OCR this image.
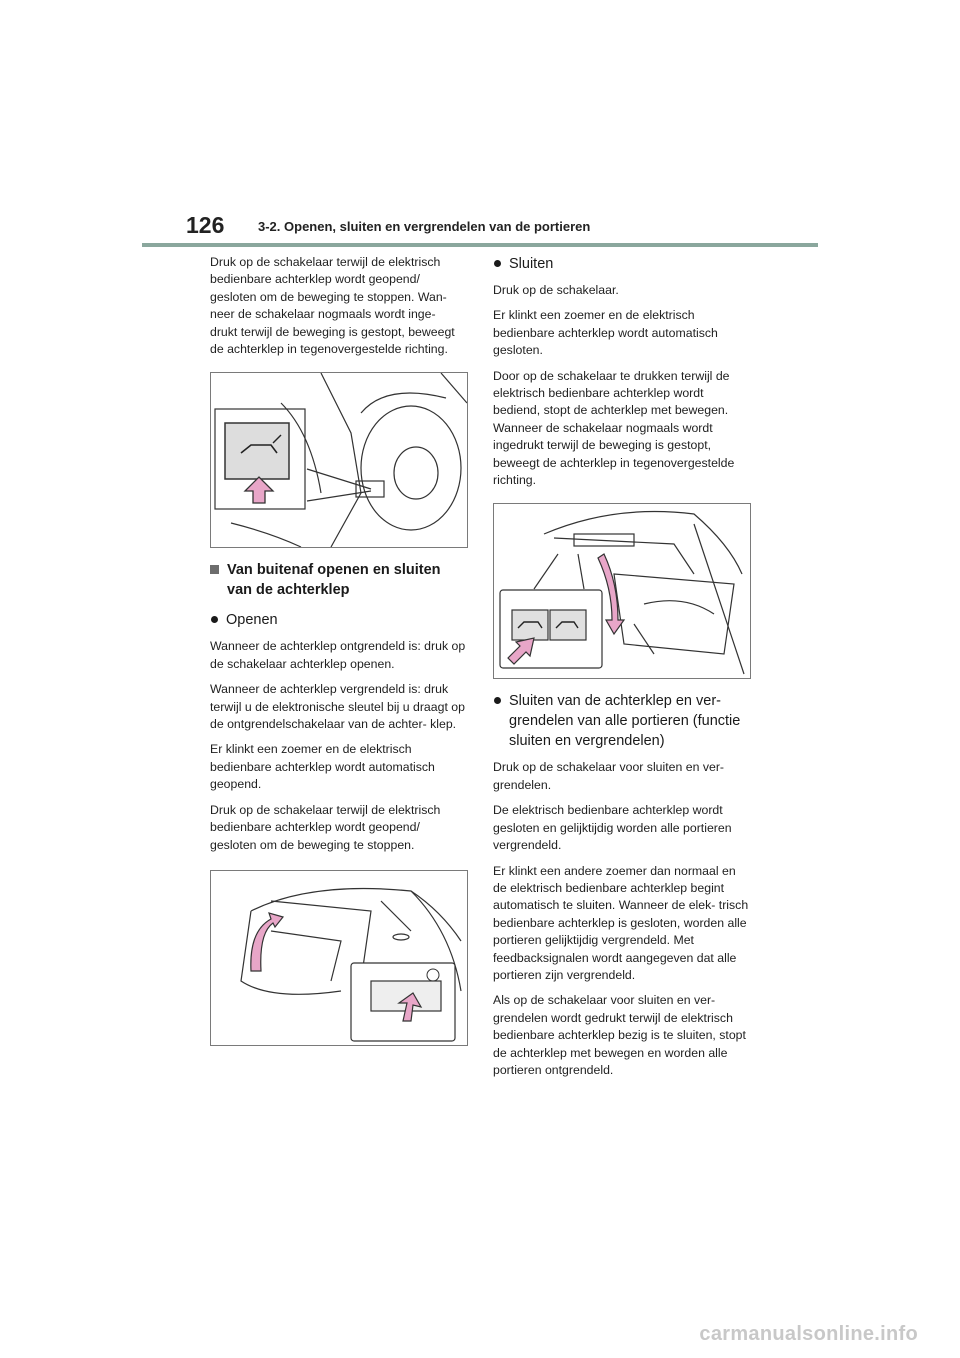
126	3-2. Openen, sluiten en vergrendelen van de portieren

Druk op de schakelaar terwijl de elektrisch bedienbare achterklep wordt geopend/ gesloten om de beweging te stoppen. Wan- neer de schakelaar nogmaals wordt inge- drukt terwijl de beweging is gestopt, beweegt de achterklep in tegenovergestelde richting.

Van buitenaf openen en sluiten van de achterklep
Openen

Wanneer de achterklep ontgrendeld is: druk op de schakelaar achterklep openen.

Wanneer de achterklep vergrendeld is: druk terwijl u de elektronische sleutel bij u draagt op de ontgrendelschakelaar van de achter- klep.

Er klinkt een zoemer en de elektrisch bedienbare achterklep wordt automatisch geopend.

Druk op de schakelaar terwijl de elektrisch bedienbare achterklep wordt geopend/ gesloten om de beweging te stoppen.

Sluiten

Druk op de schakelaar.

Er klinkt een zoemer en de elektrisch bedienbare achterklep wordt automatisch gesloten.

Door op de schakelaar te drukken terwijl de elektrisch bedienbare achterklep wordt bediend, stopt de achterklep met bewegen. Wanneer de schakelaar nogmaals wordt ingedrukt terwijl de beweging is gestopt, beweegt de achterklep in tegenovergestelde richting.

Sluiten van de achterklep en ver- grendelen van alle portieren (functie sluiten en vergrendelen)

Druk op de schakelaar voor sluiten en ver- grendelen.

De elektrisch bedienbare achterklep wordt gesloten en gelijktijdig worden alle portieren vergrendeld.

Er klinkt een andere zoemer dan normaal en de elektrisch bedienbare achterklep begint automatisch te sluiten. Wanneer de elek- trisch bedienbare achterklep is gesloten, worden alle portieren gelijktijdig vergrendeld. Met feedbacksignalen wordt aangegeven dat alle portieren zijn vergrendeld.

Als op de schakelaar voor sluiten en ver- grendelen wordt gedrukt terwijl de elektrisch bedienbare achterklep bezig is te sluiten, stopt de achterklep met bewegen en worden alle portieren ontgrendeld.

carmanualsonline.info
